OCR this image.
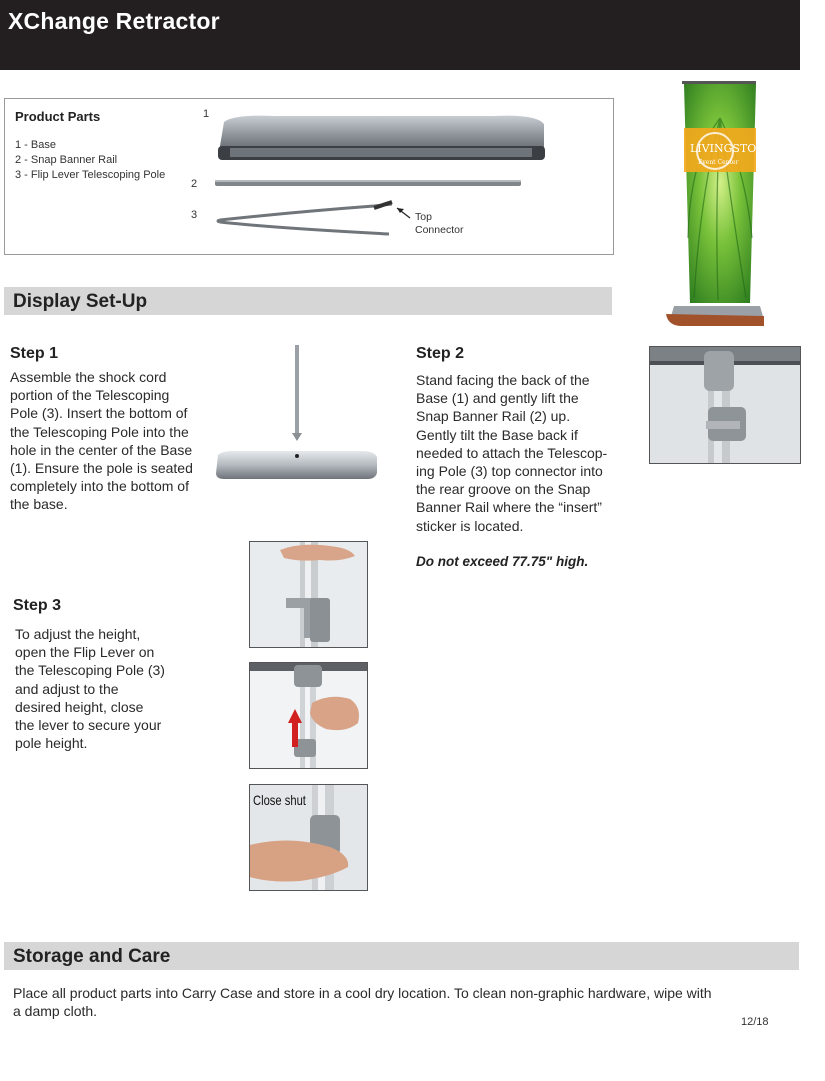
XChange Retractor
Product Parts
1 - Base
2 - Snap Banner Rail
3 - Flip Lever Telescoping Pole
1
2
3	Top
Connector
LIVINGSTON
Event Center
Display Set-Up
Step 1
Assemble the shock cord
portion of the Telescoping
Pole (3). Insert the bottom of
the Telescoping Pole into the
hole in the center of the Base
(1). Ensure the pole is seated
completely into the bottom of
the base.
Step 2
Stand facing the back of the
Base (1) and gently lift the
Snap Banner Rail (2) up.
Gently tilt the Base back if
needed to attach the Telescop-
ing Pole (3) top connector into
the rear groove on the Snap
Banner Rail where the “insert”
sticker is located.
Do not exceed 77.75" high.
Step 3
To adjust the height,
open the Flip Lever on
the Telescoping Pole (3)
and adjust to the
desired height, close
the lever to secure your
pole height.
Close shut
Storage and Care
Place all product parts into Carry Case and store in a cool dry location. To clean non-graphic hardware, wipe with
a damp cloth.
12/18
